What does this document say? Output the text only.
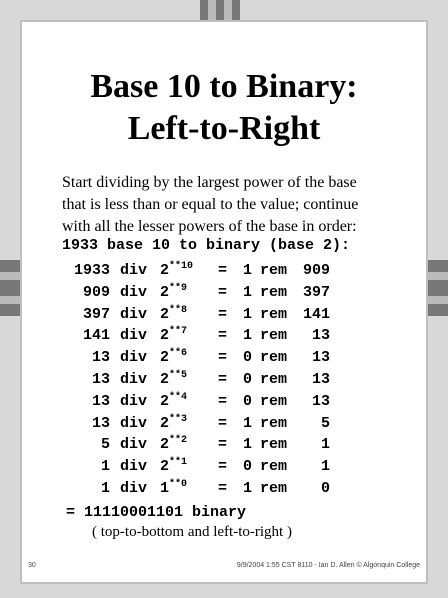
Base 10 to Binary:
Left-to-Right
Start dividing by the largest power of the base
that is less than or equal to the value; continue
with all the lesser powers of the base in order:
1933 base 10 to binary (base 2):
1933 div $2^{**10}$ =	1 rem 909
909 div $2^{**9}$ =	1 rem 397
397 div $2^{**8}$ =	1 rem 141
141 div $2^{**7}$ =	1 rem	13
13 div $2^{**6}$ =	0 rem	13
13 div $2^{**5}$ =	0 rem	13
13 div $2^{**4}$ =	0 rem	13
13 div $2^{**3}$ =	1 rem	5
5 div $2^{**2}$ =	1 rem	1
1 div $2^{**1}$ =	0 rem	1
1 div $1^{**0}$ =	1 rem	0
= 11110001101 binary
( top-to-bottom and left-to-right )
30	9/9/2004 1:55 CST 8110 - Ian D. Allen © Algonquin College
